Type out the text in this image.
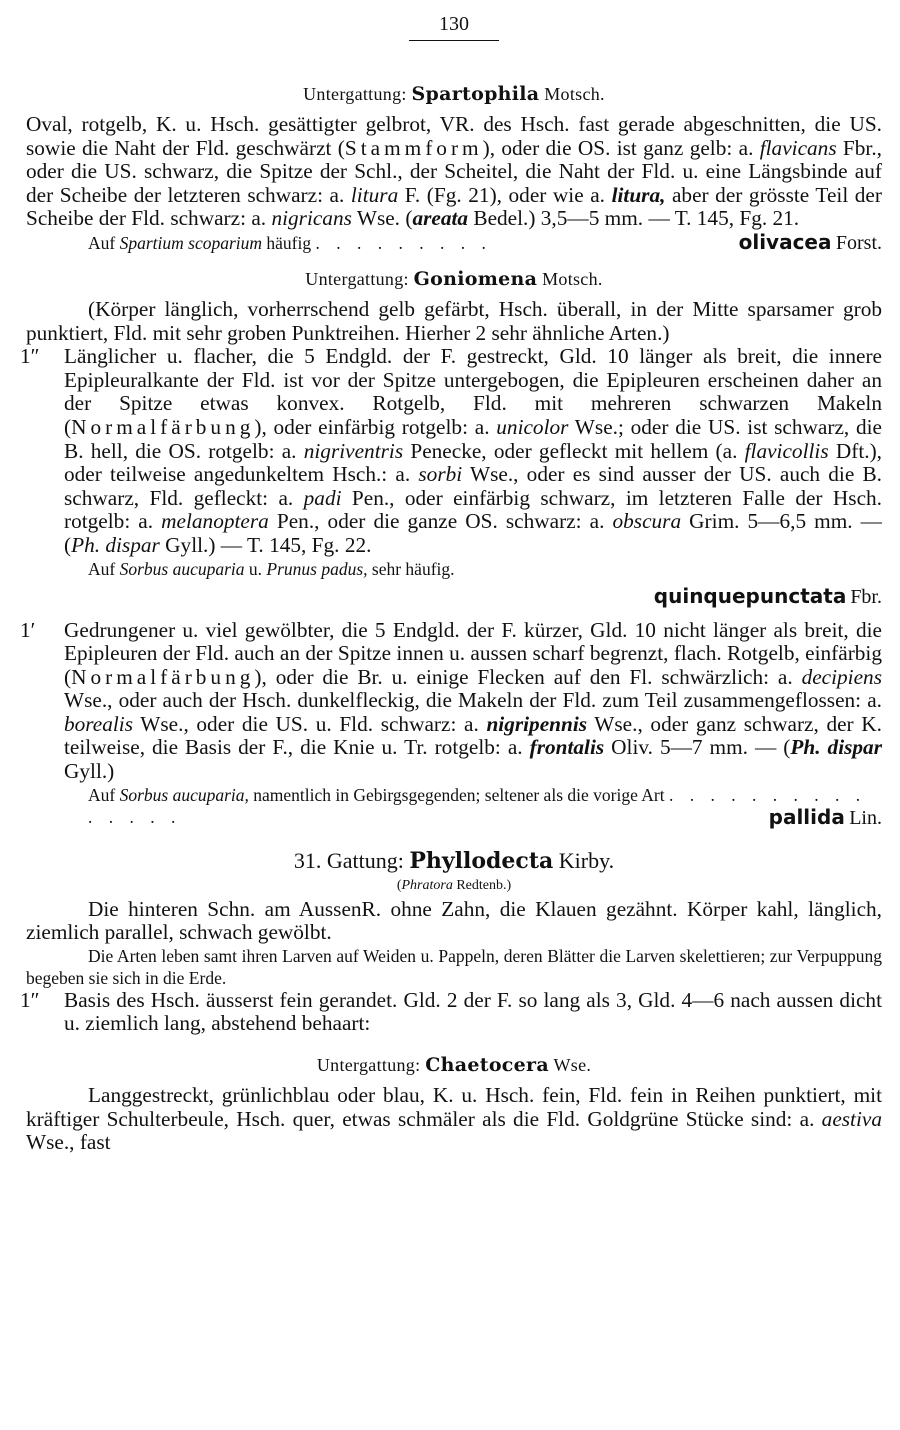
130
Untergattung: Spartophila Motsch.

Oval, rotgelb, K. u. Hsch. gesättigter gelbrot, VR. des Hsch. fast gerade abgeschnitten, die US. sowie die Naht der Fld. geschwärzt (Stammform), oder die OS. ist ganz gelb: a. flavicans Fbr., oder die US. schwarz, die Spitze der Schl., der Scheitel, die Naht der Fld. u. eine Längsbinde auf der Scheibe der letzteren schwarz: a. litura F. (Fg. 21), oder wie a. litura, aber der grösste Teil der Scheibe der Fld. schwarz: a. nigricans Wse. (areata Bedel.) 3,5—5 mm. — T. 145, Fg. 21.

Auf Spartium scoparium häufig . . . . . . . . .	olivacea Forst.
Untergattung: Goniomena Motsch.

(Körper länglich, vorherrschend gelb gefärbt, Hsch. überall, in der Mitte sparsamer grob punktiert, Fld. mit sehr groben Punktreihen. Hierher 2 sehr ähnliche Arten.)

1″ Länglicher u. flacher, die 5 Endgld. der F. gestreckt, Gld. 10 länger als breit, die innere Epipleuralkante der Fld. ist vor der Spitze untergebogen, die Epipleuren erscheinen daher an der Spitze etwas konvex. Rotgelb, Fld. mit mehreren schwarzen Makeln (Normalfärbung), oder einfärbig rotgelb: a. unicolor Wse.; oder die US. ist schwarz, die B. hell, die OS. rotgelb: a. nigriventris Penecke, oder gefleckt mit hellem (a. flavicollis Dft.), oder teilweise angedunkeltem Hsch.: a. sorbi Wse., oder es sind ausser der US. auch die B. schwarz, Fld. gefleckt: a. padi Pen., oder einfärbig schwarz, im letzteren Falle der Hsch. rotgelb: a. melanoptera Pen., oder die ganze OS. schwarz: a. obscura Grim. 5—6,5 mm. — (Ph. dispar Gyll.) — T. 145, Fg. 22.

Auf Sorbus aucuparia u. Prunus padus, sehr häufig.

quinquepunctata Fbr.
1′ Gedrungener u. viel gewölbter, die 5 Endgld. der F. kürzer, Gld. 10 nicht länger als breit, die Epipleuren der Fld. auch an der Spitze innen u. aussen scharf begrenzt, flach. Rotgelb, einfärbig (Normalfärbung), oder die Br. u. einige Flecken auf den Fl. schwärzlich: a. decipiens Wse., oder auch der Hsch. dunkelfleckig, die Makeln der Fld. zum Teil zusammengeflossen: a. borealis Wse., oder die US. u. Fld. schwarz: a. nigripennis Wse., oder ganz schwarz, der K. teilweise, die Basis der F., die Knie u. Tr. rotgelb: a. frontalis Oliv. 5—7 mm. — (Ph. dispar Gyll.)

Auf Sorbus aucuparia, namentlich in Gebirgsgegenden; seltener als die vorige Art . . . . . . . . . . . . . . .	pallida Lin.
31. Gattung: Phyllodecta Kirby.
(Phratora Redtenb.)

Die hinteren Schn. am AussenR. ohne Zahn, die Klauen gezähnt. Körper kahl, länglich, ziemlich parallel, schwach gewölbt.

Die Arten leben samt ihren Larven auf Weiden u. Pappeln, deren Blätter die Larven skelettieren; zur Verpuppung begeben sie sich in die Erde.

1″ Basis des Hsch. äusserst fein gerandet. Gld. 2 der F. so lang als 3, Gld. 4—6 nach aussen dicht u. ziemlich lang, abstehend behaart:

Untergattung: Chaetocera Wse.

Langgestreckt, grünlichblau oder blau, K. u. Hsch. fein, Fld. fein in Reihen punktiert, mit kräftiger Schulterbeule, Hsch. quer, etwas schmäler als die Fld. Goldgrüne Stücke sind: a. aestiva Wse., fast
